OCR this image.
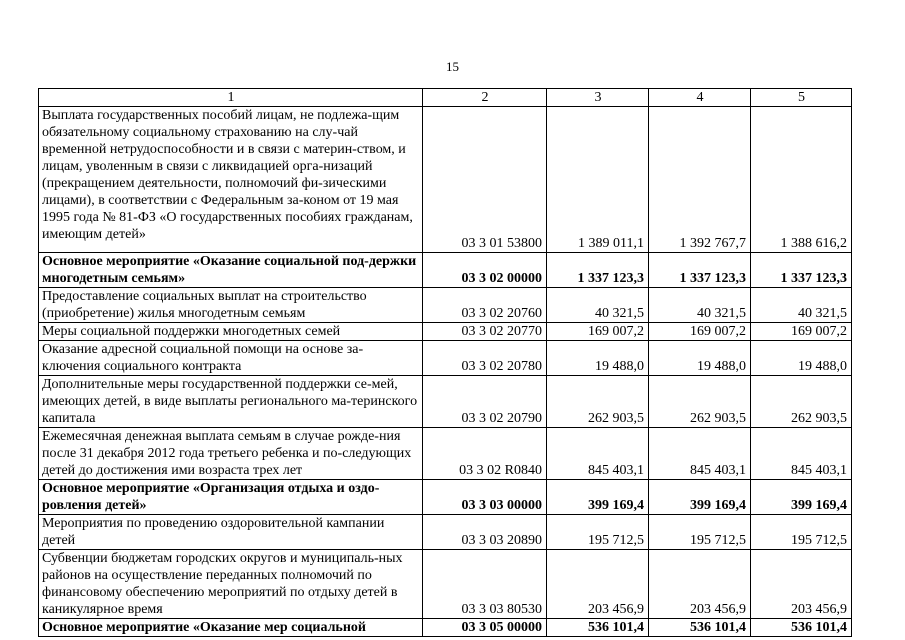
15
1	2	3	4	5
Выплата государственных пособий лицам, не подлежа-щим обязательному социальному страхованию на слу-чай временной нетрудоспособности и в связи с материн-ством, и лицам, уволенным в связи с ликвидацией орга-низаций (прекращением деятельности, полномочий фи-зическими лицами), в соответствии с Федеральным за-коном от 19 мая 1995 года № 81-ФЗ «О государственных пособиях гражданам, имеющим детей»	03 3 01 53800	1 389 011,1	1 392 767,7	1 388 616,2
Основное мероприятие «Оказание социальной под-держки многодетным семьям»	03 3 02 00000	1 337 123,3	1 337 123,3	1 337 123,3
Предоставление социальных выплат на строительство (приобретение) жилья многодетным семьям	03 3 02 20760	40 321,5	40 321,5	40 321,5
Меры социальной поддержки многодетных семей	03 3 02 20770	169 007,2	169 007,2	169 007,2
Оказание адресной социальной помощи на основе за-ключения социального контракта	03 3 02 20780	19 488,0	19 488,0	19 488,0
Дополнительные меры государственной поддержки се-мей, имеющих детей, в виде выплаты регионального ма-теринского капитала	03 3 02 20790	262 903,5	262 903,5	262 903,5
Ежемесячная денежная выплата семьям в случае рожде-ния после 31 декабря 2012 года третьего ребенка и по-следующих детей до достижения ими возраста трех лет	03 3 02 R0840	845 403,1	845 403,1	845 403,1
Основное мероприятие «Организация отдыха и оздо-ровления детей»	03 3 03 00000	399 169,4	399 169,4	399 169,4
Мероприятия по проведению оздоровительной кампании детей	03 3 03 20890	195 712,5	195 712,5	195 712,5
Субвенции бюджетам городских округов и муниципаль-ных районов на осуществление переданных полномочий по финансовому обеспечению мероприятий по отдыху детей в каникулярное время	03 3 03 80530	203 456,9	203 456,9	203 456,9
Основное мероприятие «Оказание мер социальной	03 3 05 00000	536 101,4	536 101,4	536 101,4
